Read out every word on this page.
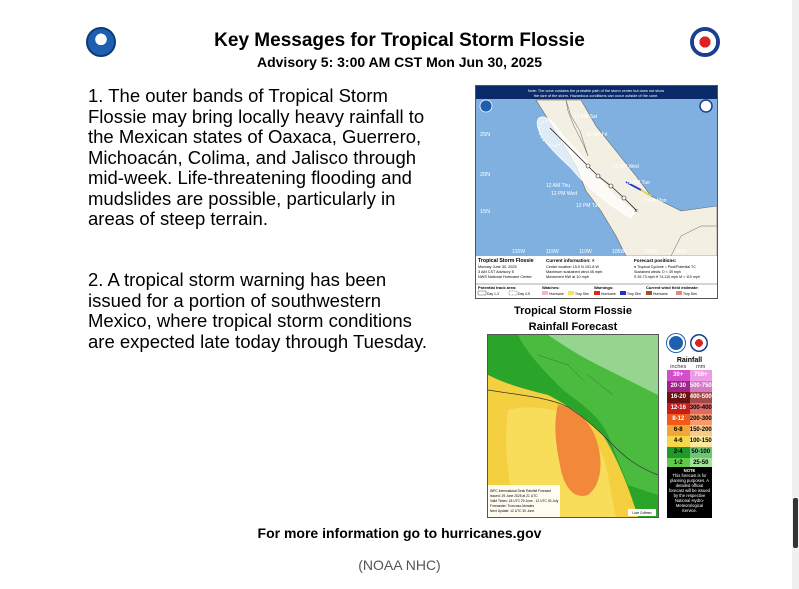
Key Messages for Tropical Storm Flossie
Advisory 5: 3:00 AM CST Mon Jun 30, 2025
1. The outer bands of Tropical Storm Flossie may bring locally heavy rainfall to the Mexican states of Oaxaca, Guerrero, Michoacán, Colima, and Jalisco through mid-week. Life-threatening flooding and mudslides are possible, particularly in areas of steep terrain.
2. A tropical storm warning has been issued for a portion of southwestern Mexico, where tropical storm conditions are expected late today through Tuesday.
Note: The cone contains the probable path of the storm center but does not show
the size of the storm. Hazardous conditions can occur outside of the cone.
×
25N
20N
15N
12 AM Sat
12 AM Fri
12 AM Wed
12 AM Tue
3 AM Mon
12 AM Thu
12 PM Wed
12 PM Tue
120W	115W	110W	105W	100W	95W
Tropical Storm Flossie
Monday June 30, 2025
3 AM CST Advisory 5
NWS National Hurricane Center
Current information: ×
Center location 15.0 N 101.8 W
Maximum sustained wind 45 mph
Movement NW at 10 mph
Forecast positions:
● Tropical Cyclone ○ Post/Potential TC
Sustained winds: D < 39 mph
S 39-73 mph H 74-110 mph M > 110 mph
Potential track area:
Day 1-3	Day 4-5
Watches:
Hurricane	Trop Stm
Warnings:
Hurricane	Trop Stm
Current wind field estimate:
Hurricane	Trop Stm
Tropical Storm Flossie
Rainfall Forecast
WPC International Desk Rainfall Forecast
Issued: 29 June 2025 at 21 UTC
Valid Times: 18 UTC 29 June - 12 UTC 03 July
Forecaster: Troncoso-Morales
Next Update: 12 UTC 30 June	Love Coffmex
Rainfall
inches	mm
30+	750+
20-30 500-750
16-20 400-500
12-16 300-400
8-12 200-300
6-8	150-200
4-6	100-150
2-4	50-100
1-2	25-50
NOTE
This forecast is for planning purposes. A detailed official forecast will be issued by the respective National Hydro-Meteorological Service.
For more information go to hurricanes.gov
(NOAA NHC)
